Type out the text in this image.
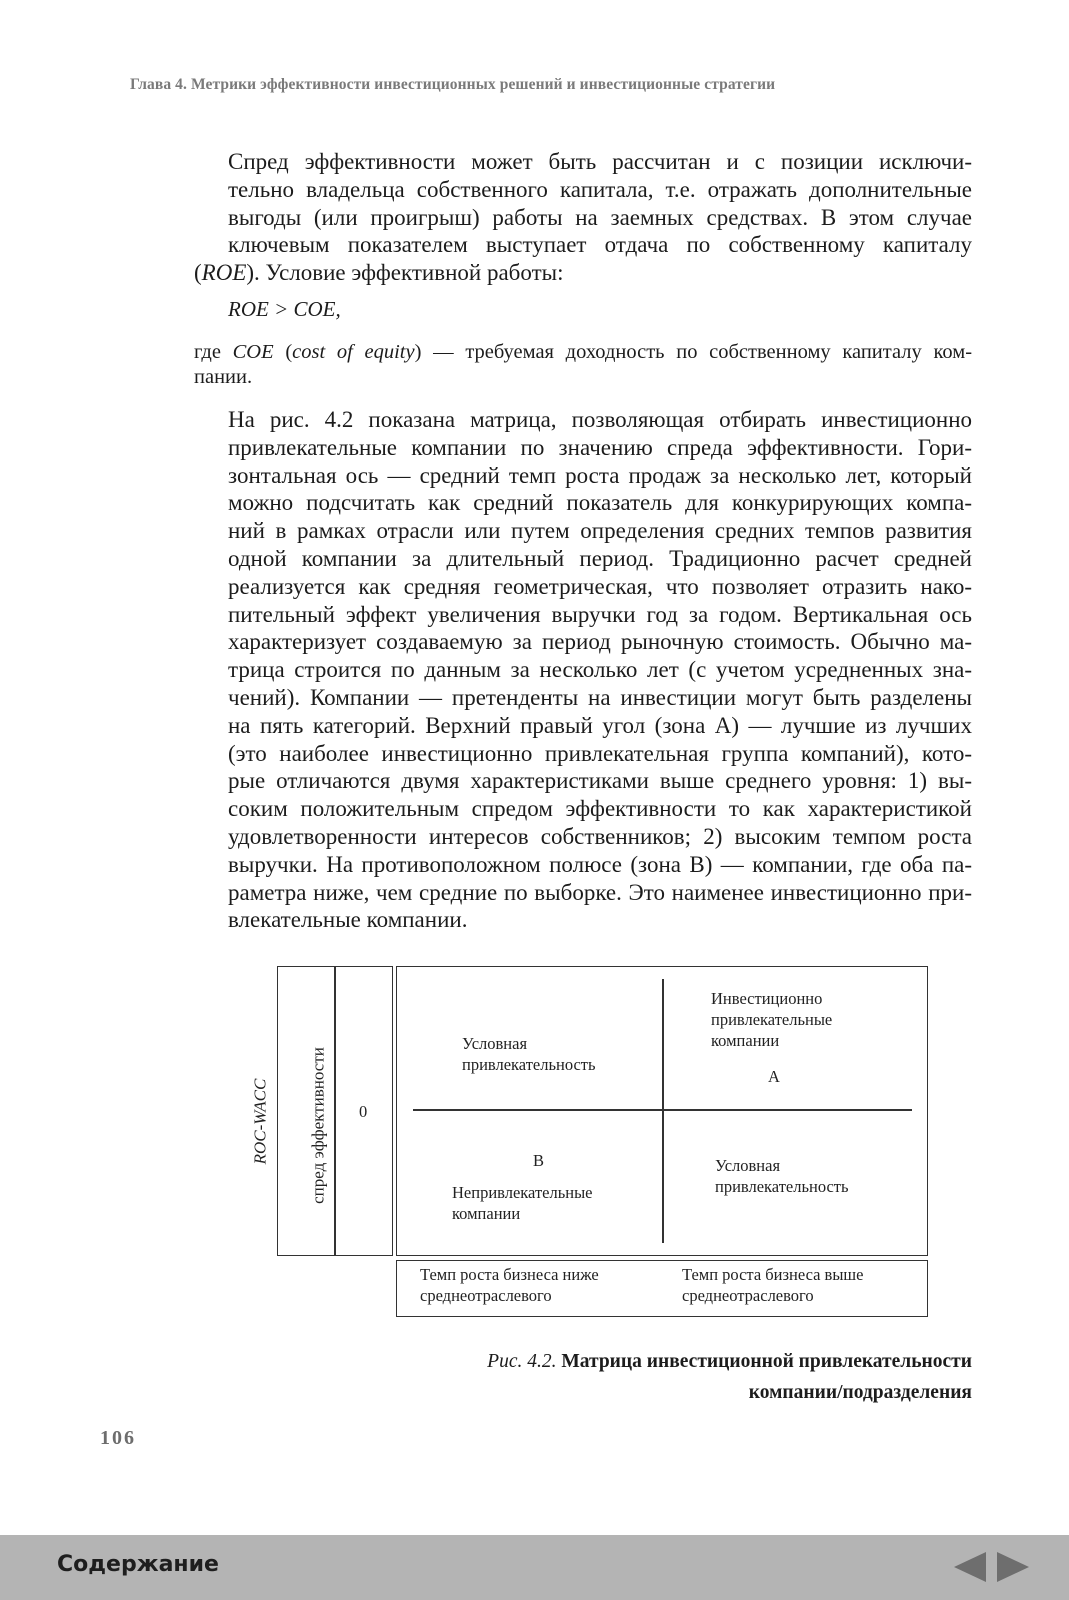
Глава 4. Метрики эффективности инвестиционных решений и инвестиционные стратегии
Спред эффективности может быть рассчитан и с позиции исключи-
тельно владельца собственного капитала, т.е. отражать дополнительные
выгоды (или проигрыш) работы на заемных средствах. В этом случае
ключевым показателем выступает отдача по собственному капиталу
(ROE). Условие эффективной работы:
ROE > COE,
где COE (cost of equity) — требуемая доходность по собственному капиталу ком-
пании.
На рис. 4.2 показана матрица, позволяющая отбирать инвестиционно
привлекательные компании по значению спреда эффективности. Гори-
зонтальная ось — средний темп роста продаж за несколько лет, который
можно подсчитать как средний показатель для конкурирующих компа-
ний в рамках отрасли или путем определения средних темпов развития
одной компании за длительный период. Традиционно расчет средней
реализуется как средняя геометрическая, что позволяет отразить нако-
пительный эффект увеличения выручки год за годом. Вертикальная ось
характеризует создаваемую за период рыночную стоимость. Обычно ма-
трица строится по данным за несколько лет (с учетом усредненных зна-
чений). Компании — претенденты на инвестиции могут быть разделены
на пять категорий. Верхний правый угол (зона А) — лучшие из лучших
(это наиболее инвестиционно привлекательная группа компаний), кото-
рые отличаются двумя характеристиками выше среднего уровня: 1) вы-
соким положительным спредом эффективности то как характеристикой
удовлетворенности интересов собственников; 2) высоким темпом роста
выручки. На противоположном полюсе (зона В) — компании, где оба па-
раметра ниже, чем средние по выборке. Это наименее инвестиционно при-
влекательные компании.
ROC-WACC спред эффективности 0
Условная
привлекательность
Инвестиционно
привлекательные
компании
А
В
Непривлекательные
компании
Условная
привлекательность
Темп роста бизнеса ниже
среднеотраслевого
Темп роста бизнеса выше
среднеотраслевого
Рис. 4.2. Матрица инвестиционной привлекательности
компании/подразделения
106
Содержание
